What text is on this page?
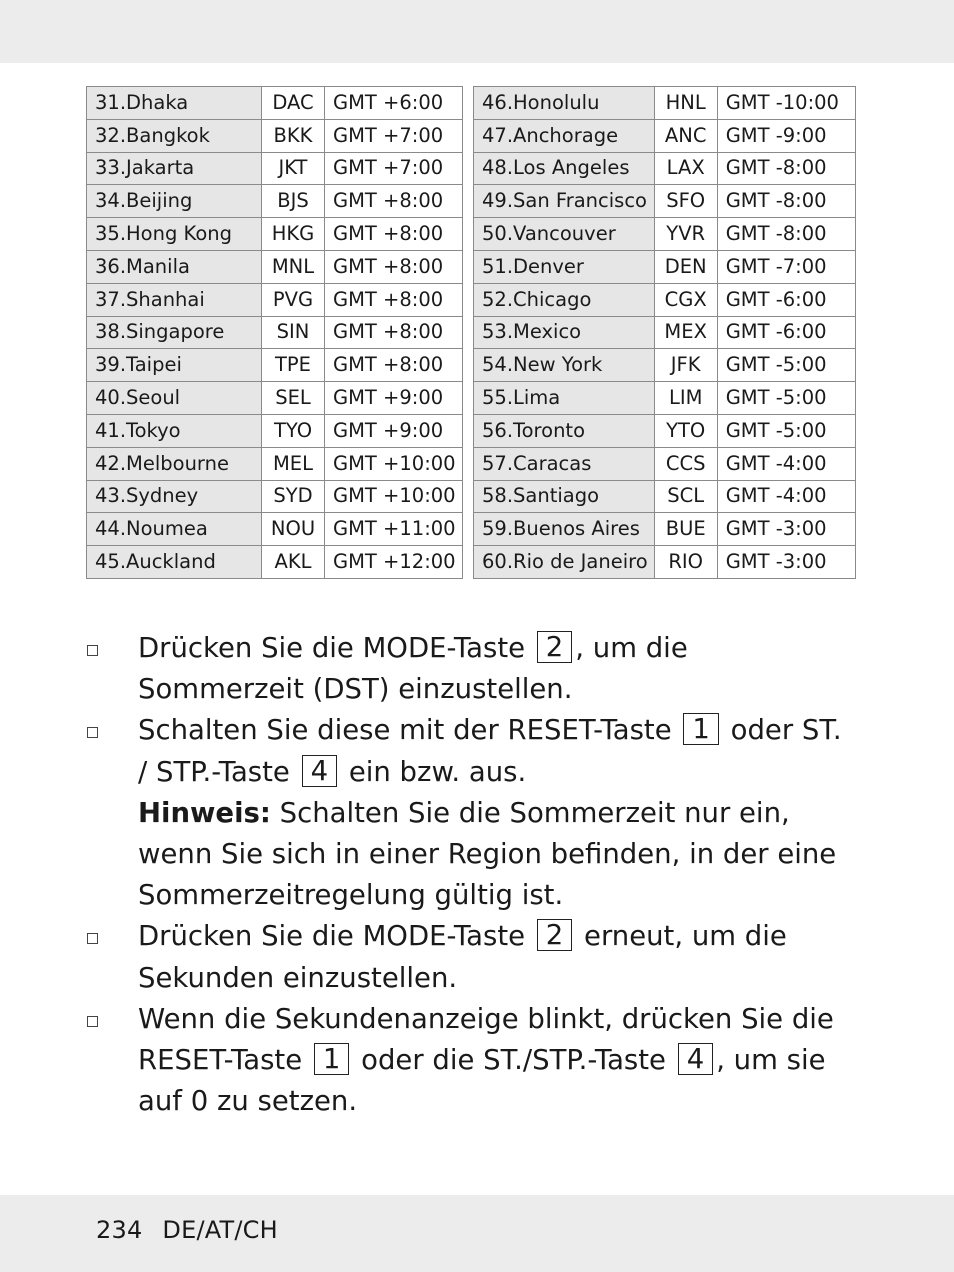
31.Dhaka	DAC	GMT +6:00
32.Bangkok	BKK	GMT +7:00
33.Jakarta	JKT	GMT +7:00
34.Beijing	BJS	GMT +8:00
35.Hong Kong	HKG	GMT +8:00
36.Manila	MNL	GMT +8:00
37.Shanhai	PVG	GMT +8:00
38.Singapore	SIN	GMT +8:00
39.Taipei	TPE	GMT +8:00
40.Seoul	SEL	GMT +9:00
41.Tokyo	TYO	GMT +9:00
42.Melbourne	MEL	GMT +10:00
43.Sydney	SYD	GMT +10:00
44.Noumea	NOU	GMT +11:00
45.Auckland	AKL	GMT +12:00
46.Honolulu	HNL	GMT -10:00
47.Anchorage	ANC	GMT -9:00
48.Los Angeles	LAX	GMT -8:00
49.San Francisco	SFO	GMT -8:00
50.Vancouver	YVR	GMT -8:00
51.Denver	DEN	GMT -7:00
52.Chicago	CGX	GMT -6:00
53.Mexico	MEX	GMT -6:00
54.New York	JFK	GMT -5:00
55.Lima	LIM	GMT -5:00
56.Toronto	YTO	GMT -5:00
57.Caracas	CCS	GMT -4:00
58.Santiago	SCL	GMT -4:00
59.Buenos Aires	BUE	GMT -3:00
60.Rio de Janeiro	RIO	GMT -3:00
Drücken Sie die MODE-Taste 2 , um die Sommerzeit (DST) einzustellen.
Schalten Sie diese mit der RESET-Taste 1 oder ST. / STP.-Taste 4 ein bzw. aus.
Hinweis: Schalten Sie die Sommerzeit nur ein, wenn Sie sich in einer Region befinden, in der eine Sommerzeitregelung gültig ist.
Drücken Sie die MODE-Taste 2 erneut, um die Sekunden einzustellen.
Wenn die Sekundenanzeige blinkt, drücken Sie die RESET-Taste 1 oder die ST./STP.-Taste 4 , um sie auf 0 zu setzen.
234 DE/AT/CH
